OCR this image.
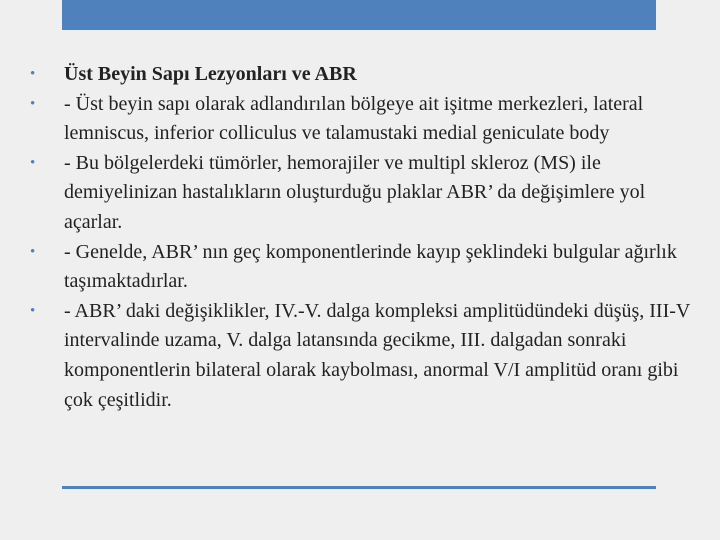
•	Üst Beyin Sapı Lezyonları ve ABR
•	- Üst beyin sapı olarak adlandırılan bölgeye ait işitme merkezleri, lateral lemniscus, inferior colliculus ve talamustaki medial geniculate body
•	- Bu bölgelerdeki tümörler, hemorajiler ve multipl skleroz (MS) ile demiyelinizan hastalıkların oluşturduğu plaklar ABR’ da değişimlere yol açarlar.
•	- Genelde, ABR’ nın geç komponentlerinde kayıp şeklindeki bulgular ağırlık taşımaktadırlar.
•	- ABR’ daki değişiklikler, IV.-V. dalga kompleksi amplitüdündeki düşüş, III-V intervalinde uzama, V. dalga latansında gecikme, III. dalgadan sonraki komponentlerin bilateral olarak kaybolması, anormal V/I amplitüd oranı gibi çok çeşitlidir.
